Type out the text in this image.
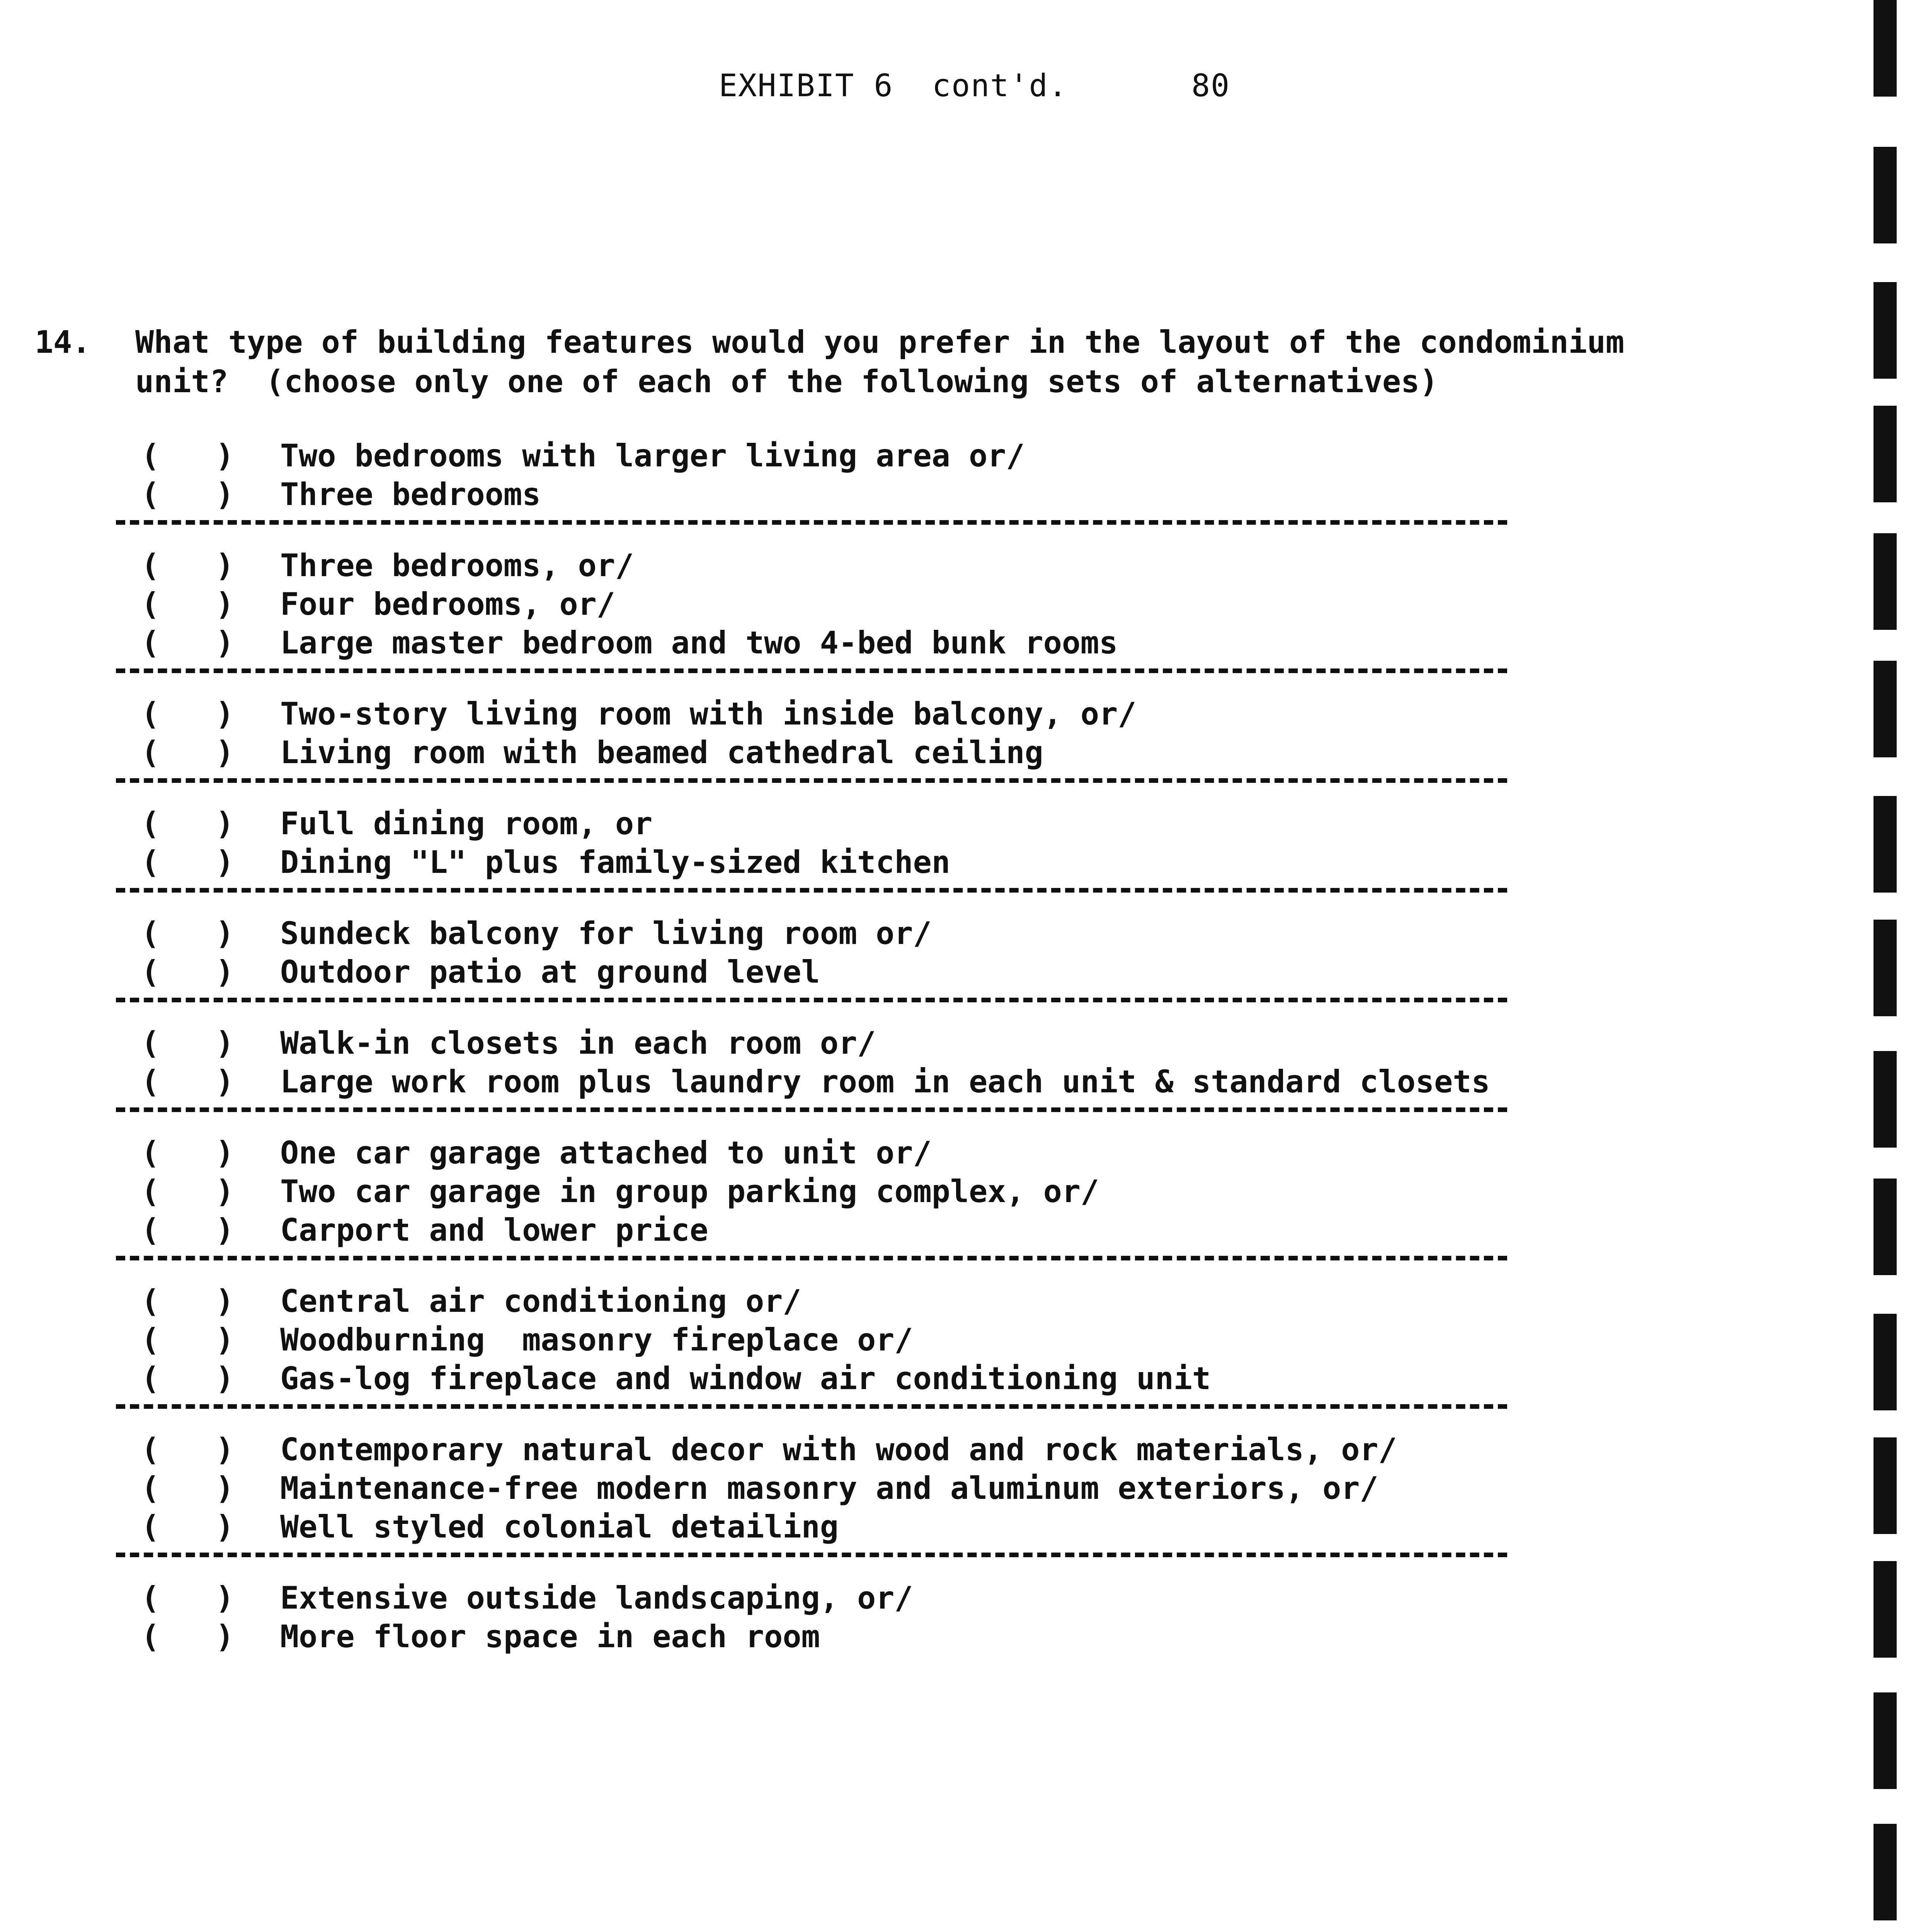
EXHIBIT 6 cont'd.	80
14. What type of building features would you prefer in the layout of the condominium
unit?  (choose only one of each of the following sets of alternatives)
(   ) Two bedrooms with larger living area or/
(   ) Three bedrooms
(   ) Three bedrooms, or/
(   ) Four bedrooms, or/
(   ) Large master bedroom and two 4-bed bunk rooms
(   ) Two-story living room with inside balcony, or/
(   ) Living room with beamed cathedral ceiling
(   ) Full dining room, or
(   ) Dining "L" plus family-sized kitchen
(   ) Sundeck balcony for living room or/
(   ) Outdoor patio at ground level
(   ) Walk-in closets in each room or/
(   ) Large work room plus laundry room in each unit & standard closets
(   ) One car garage attached to unit or/
(   ) Two car garage in group parking complex, or/
(   ) Carport and lower price
(   ) Central air conditioning or/
(   ) Woodburning  masonry fireplace or/
(   ) Gas-log fireplace and window air conditioning unit
(   ) Contemporary natural decor with wood and rock materials, or/
(   ) Maintenance-free modern masonry and aluminum exteriors, or/
(   ) Well styled colonial detailing
(   ) Extensive outside landscaping, or/
(   ) More floor space in each room
